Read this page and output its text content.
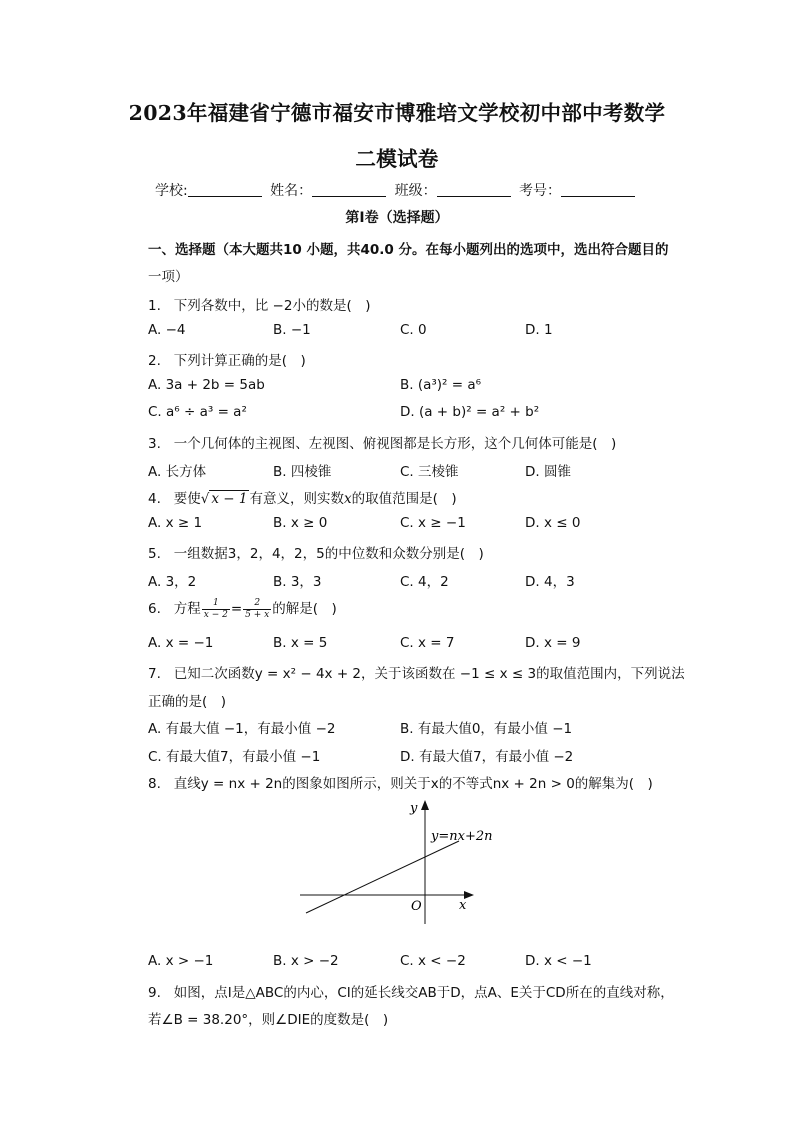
2023年福建省宁德市福安市博雅培文学校初中部中考数学
二模试卷
学校:	姓名：	班级：	考号：
第Ⅰ卷（选择题）
一、选择题（本大题共10 小题，共40.0 分。在每小题列出的选项中，选出符合题目的
一项）
1. 下列各数中，比 −2小的数是(　)
A. −4	B. −1	C. 0	D. 1
2. 下列计算正确的是(　)
A. 3a + 2b = 5ab	B. (a³)² = a⁶
C. a⁶ ÷ a³ = a²	D. (a + b)² = a² + b²
3. 一个几何体的主视图、左视图、俯视图都是长方形，这个几何体可能是(　)
A. 长方体	B. 四棱锥	C. 三棱锥	D. 圆锥
4. 要使√ x − 1 有意义，则实数x的取值范围是(　)
A. x ≥ 1	B. x ≥ 0	C. x ≥ −1	D. x ≤ 0
5. 一组数据3，2，4，2，5的中位数和众数分别是(　)
A. 3，2	B. 3，3	C. 4，2	D. 4，3
6. 方程 $\frac{1}{x - 2} = \frac{2}{5 + x}$ 的解是(　)
A. x = −1	B. x = 5	C. x = 7	D. x = 9
7. 已知二次函数y = x² − 4x + 2，关于该函数在 −1 ≤ x ≤ 3的取值范围内，下列说法
正确的是(　)
A. 有最大值 −1，有最小值 −2	B. 有最大值0，有最小值 −1
C. 有最大值7，有最小值 −1	D. 有最大值7，有最小值 −2
8. 直线y = nx + 2n的图象如图所示，则关于x的不等式nx + 2n > 0的解集为(　)
y
x
O
y=nx+2n
A. x > −1	B. x > −2	C. x < −2	D. x < −1
9. 如图，点I是△ABC的内心，CI的延长线交AB于D，点A、E关于CD所在的直线对称，
若∠B = 38.20°，则∠DIE的度数是(　)
